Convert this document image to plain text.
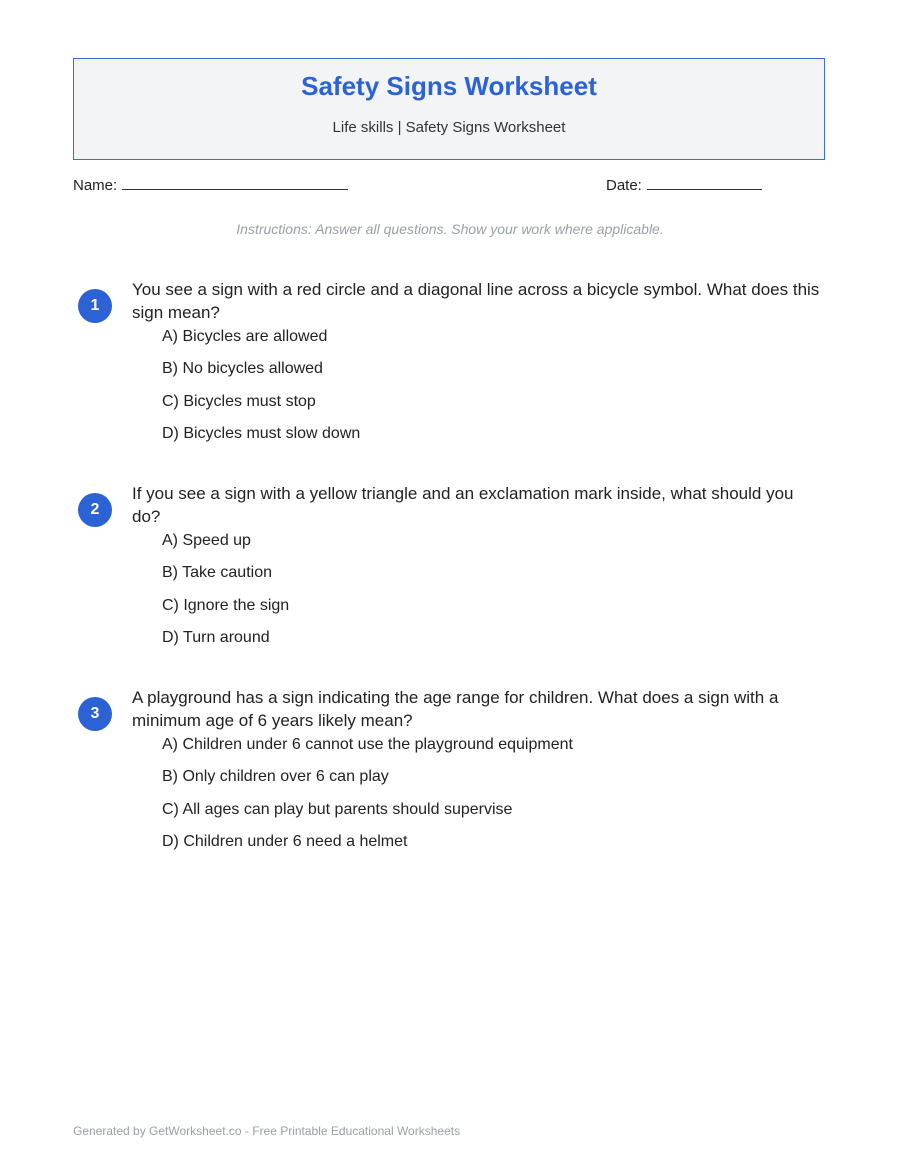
Safety Signs Worksheet
Life skills | Safety Signs Worksheet
Name:	Date:
Instructions: Answer all questions. Show your work where applicable.
1
You see a sign with a red circle and a diagonal line across a bicycle symbol. What does this sign mean?
A) Bicycles are allowed
B) No bicycles allowed
C) Bicycles must stop
D) Bicycles must slow down
2
If you see a sign with a yellow triangle and an exclamation mark inside, what should you do?
A) Speed up
B) Take caution
C) Ignore the sign
D) Turn around
3
A playground has a sign indicating the age range for children. What does a sign with a minimum age of 6 years likely mean?
A) Children under 6 cannot use the playground equipment
B) Only children over 6 can play
C) All ages can play but parents should supervise
D) Children under 6 need a helmet
Generated by GetWorksheet.co - Free Printable Educational Worksheets
